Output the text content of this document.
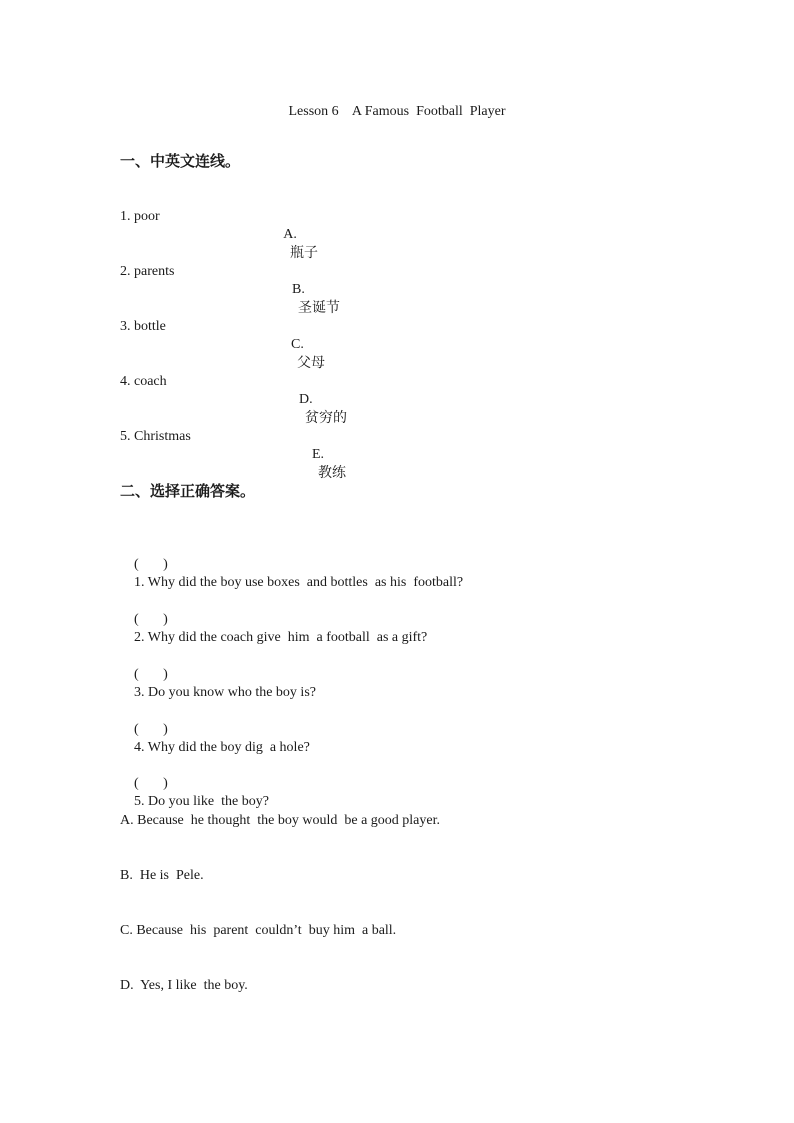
Lesson 6    A Famous  Football  Player
一、中英文连线。
1. poor
2. parents
3. bottle
4. coach
5. Christmas

A.
瓶子

B.
圣诞节

C.
父母

D.
贫穷的

E.
教练

二、选择正确答案。

(       )
1. Why did the boy use boxes  and bottles  as his  football?

(       )
2. Why did the coach give  him  a football  as a gift?

(       )
3. Do you know who the boy is?

(       )
4. Why did the boy dig  a hole?

(       )
5. Do you like  the boy?

A. Because  he thought  the boy would  be a good player.
B.  He is  Pele.
C. Because  his  parent  couldn’t  buy him  a ball.
D.  Yes, I like  the boy.
